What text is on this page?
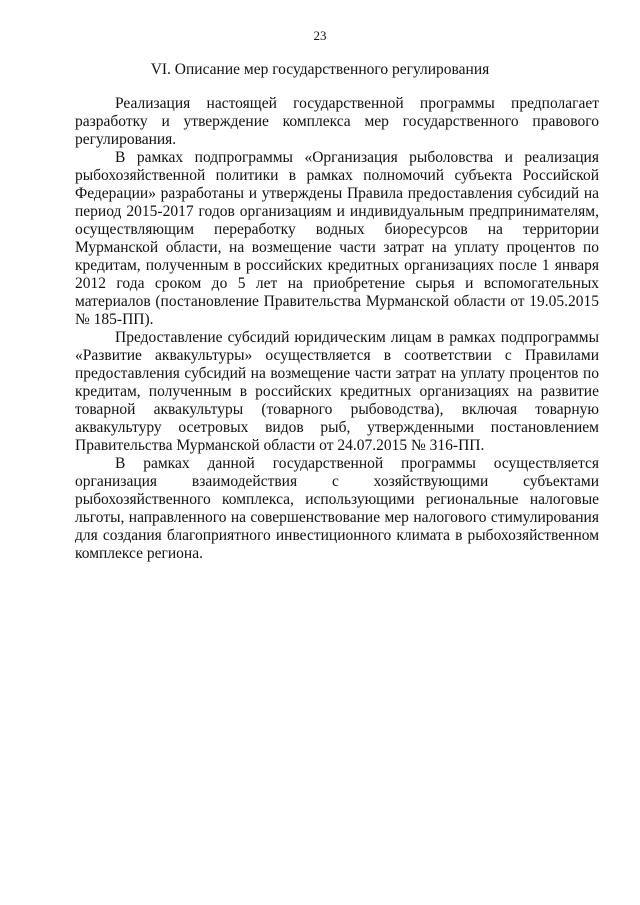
23
VI. Описание мер государственного регулирования

Реализация настоящей государственной программы предполагает разработку и утверждение комплекса мер государственного правового регулирования.

В рамках подпрограммы «Организация рыболовства и реализация рыбохозяйственной политики в рамках полномочий субъекта Российской Федерации» разработаны и утверждены Правила предоставления субсидий на период 2015-2017 годов организациям и индивидуальным предпринимателям, осуществляющим переработку водных биоресурсов на территории Мурманской области, на возмещение части затрат на уплату процентов по кредитам, полученным в российских кредитных организациях после 1 января 2012 года сроком до 5 лет на приобретение сырья и вспомогательных материалов (постановление Правительства Мурманской области от 19.05.2015 № 185-ПП).

Предоставление субсидий юридическим лицам в рамках подпрограммы «Развитие аквакультуры» осуществляется в соответствии с Правилами предоставления субсидий на возмещение части затрат на уплату процентов по кредитам, полученным в российских кредитных организациях на развитие товарной аквакультуры (товарного рыбоводства), включая товарную аквакультуру осетровых видов рыб, утвержденными постановлением Правительства Мурманской области от 24.07.2015 № 316-ПП.

В рамках данной государственной программы осуществляется организация взаимодействия с хозяйствующими субъектами рыбохозяйственного комплекса, использующими региональные налоговые льготы, направленного на совершенствование мер налогового стимулирования для создания благоприятного инвестиционного климата в рыбохозяйственном комплексе региона.
